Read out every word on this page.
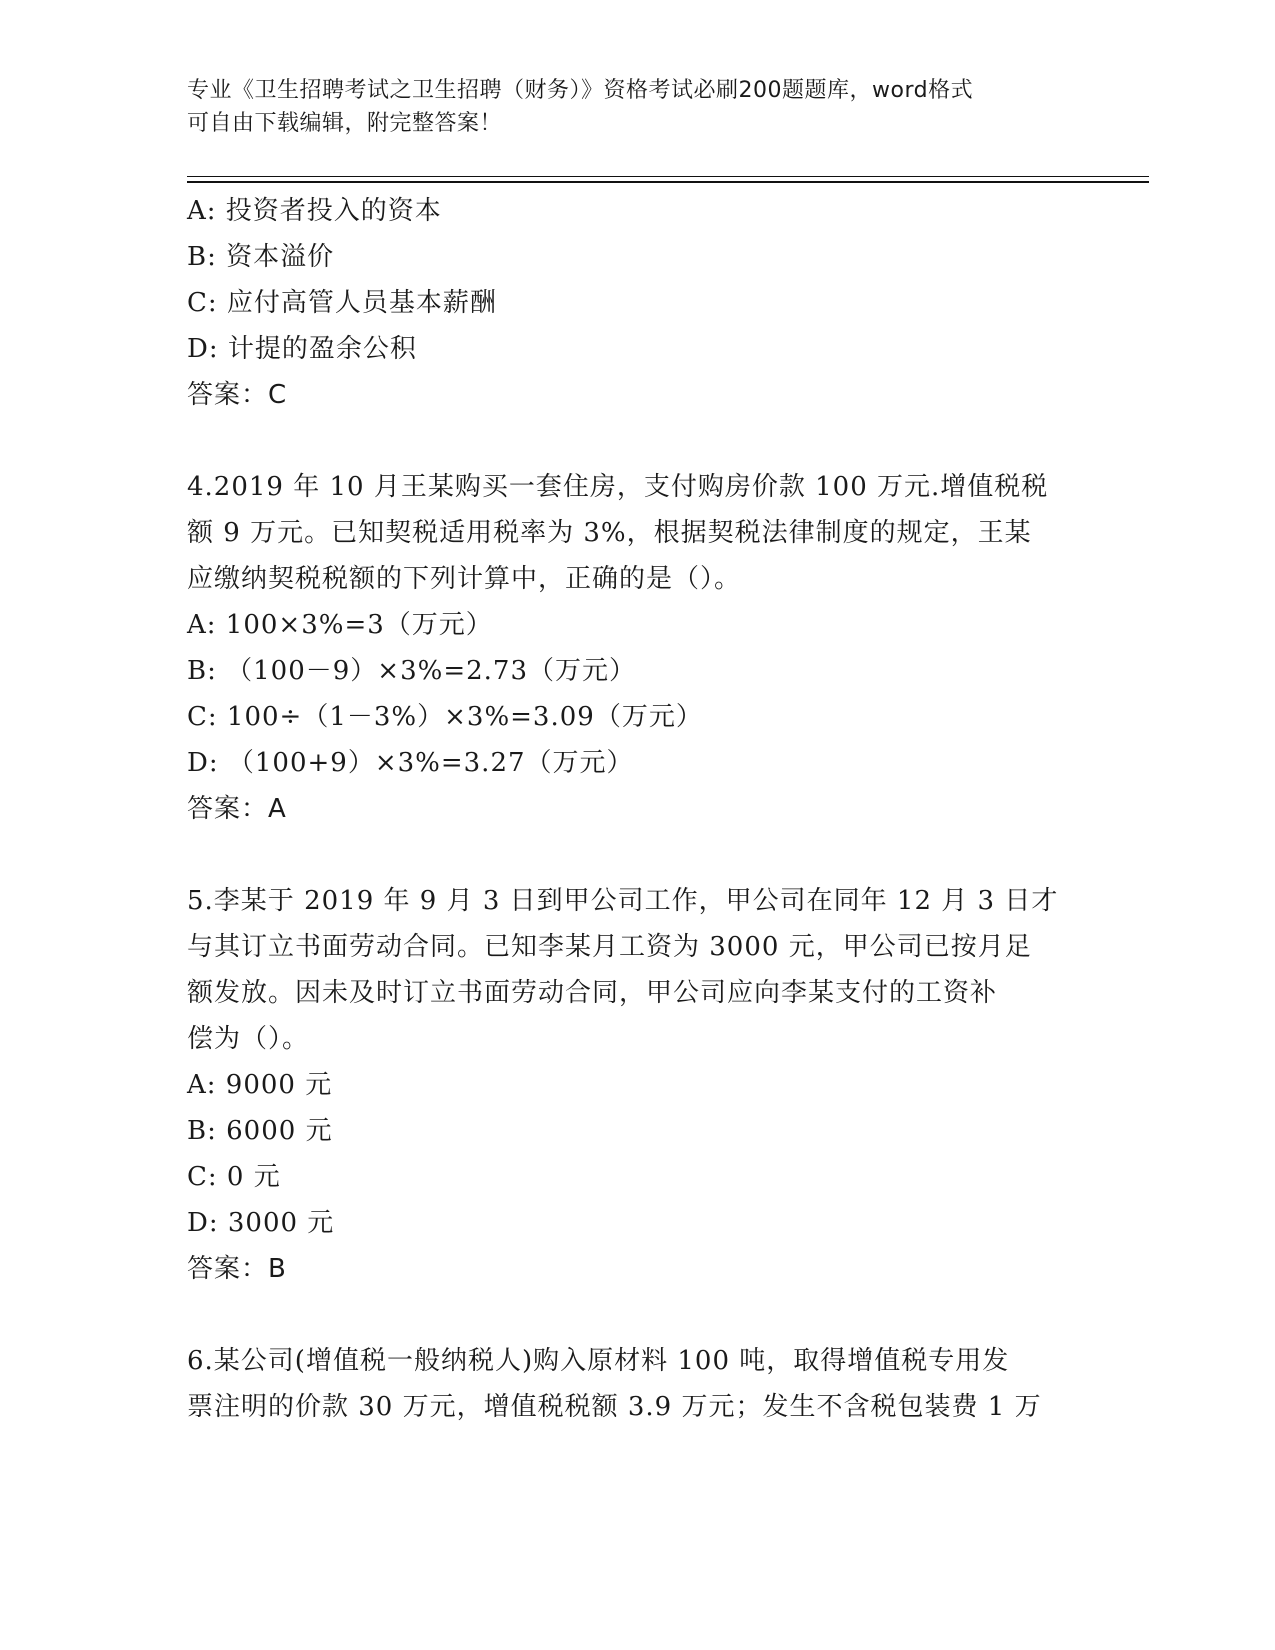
专业《卫生招聘考试之卫生招聘（财务）》资格考试必刷200题题库，word格式
可自由下载编辑，附完整答案！
A: 投资者投入的资本
B: 资本溢价
C: 应付高管人员基本薪酬
D: 计提的盈余公积
答案：C
4.2019 年 10 月王某购买一套住房，支付购房价款 100 万元.增值税税
额 9 万元。已知契税适用税率为 3%，根据契税法律制度的规定，王某
应缴纳契税税额的下列计算中，正确的是（）。
A: 100×3%=3（万元）
B: （100－9）×3%=2.73（万元）
C: 100÷（1－3%）×3%=3.09（万元）
D: （100+9）×3%=3.27（万元）
答案：A
5.李某于 2019 年 9 月 3 日到甲公司工作，甲公司在同年 12 月 3 日才
与其订立书面劳动合同。已知李某月工资为 3000 元，甲公司已按月足
额发放。因未及时订立书面劳动合同，甲公司应向李某支付的工资补
偿为（）。
A: 9000 元
B: 6000 元
C: 0 元
D: 3000 元
答案：B
6.某公司(增值税一般纳税人)购入原材料 100 吨，取得增值税专用发
票注明的价款 30 万元，增值税税额 3.9 万元；发生不含税包装费 1 万
